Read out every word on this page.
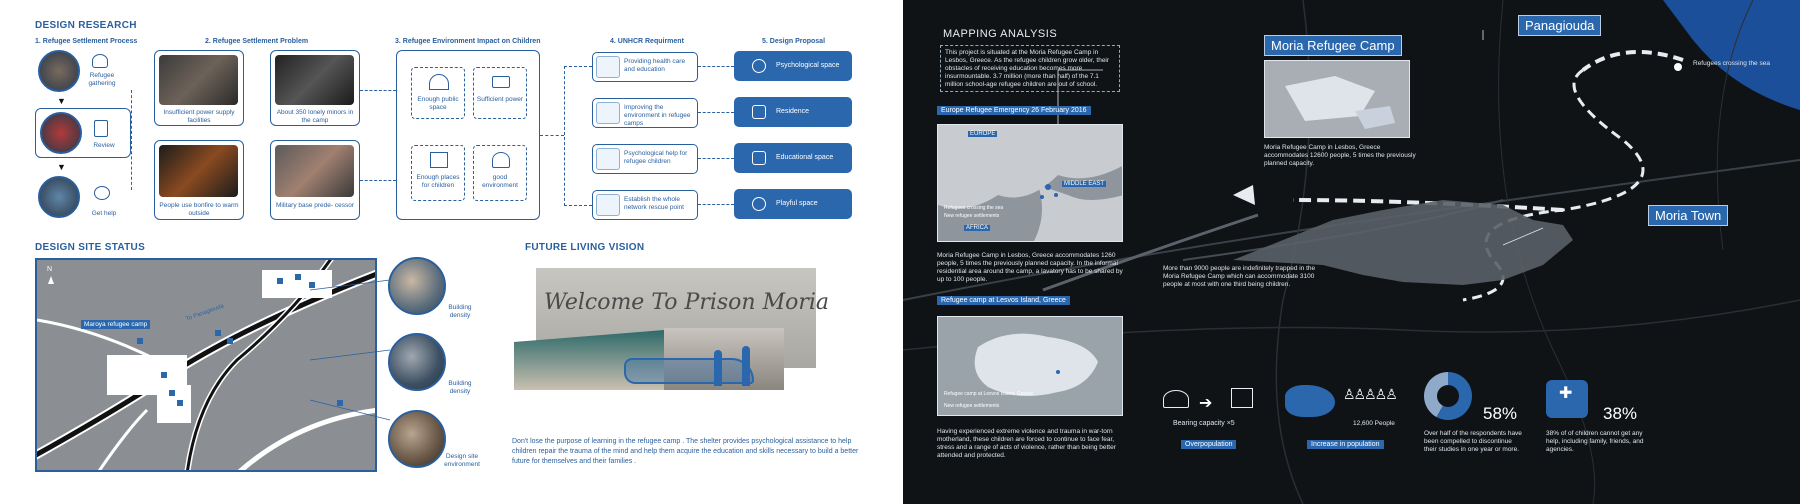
DESIGN RESEARCH
1. Refugee Settlement Process	2. Refugee Settlement Problem	3. Refugee Environment Impact on Children	4. UNHCR Requirment	5. Design Proposal
Refugee gathering
▼
Review
▼
Get help
Insufficient power supply facilities
About 350 lonely minors in the camp
People use bonfire to warm outside
Military base prede- cessor
Enough public space
Sufficient power
Enough places for children
good environment
Providing health care and education
Improving the environment in refugee camps
Psychological help for refugee children
Establish the whole network rescue point
Psychological space
Residence
Educational space
Playful space
DESIGN SITE STATUS
N
Maroya refugee camp
To Panagiouda	Building density
Building density
Design site environment
FUTURE LIVING VISION
Welcome To Prison Moria
Don't lose the purpose of learning in the refugee camp . The shelter provides psychological assistance to help children repair the trauma of the mind and help them acquire the education and skills necessary to build a better future for themselves and their families .
MAPPING ANALYSIS
This project is situated at the Moria Refugee Camp in Lesbos, Greece. As the refugee children grow older, their obstacles of receiving education becomes more insurmountable. 3.7 million (more than half) of the 7.1 million school-age refugee children are out of school.
Europe Refugee Emergency 26 February 2016
EUROPE
MIDDLE EAST
AFRICA
Refugees crossing the sea
New refugee settlements
Moria Refugee Camp in Lesbos, Greece accommodates 1260 people, 5 times the previously planned capacity. In the informal residential area around the camp, a lavatory has to be shared by up to 100 people.
Refugee camp at Lesvos Island, Greece
Refugee camp at Lesvos Island, Greece
New refugee settlements
Having experienced extreme violence and trauma in war-torn motherland, these children are forced to continue to face fear, stress and a range of acts of violence, rather than being better attended and protected.
Moria Refugee Camp
Moria Refugee Camp in Lesbos, Greece accommodates 12600 people, 5 times the previously planned capacity.
More than 9000 people are indefinitely trapped in the Moria Refugee Camp which can accommodate 3100 people at most with one third being children.
Panagiouda
Refugees crossing the sea
Moria Town
➔
Bearing capacity ×5
Overpopulation
♙♙♙♙♙
12,600 People
Increase in population
58%
Over half of the respondents have been compelled to discontinue their studies in one year or more.
✚
38%
38% of of children cannot get any help, including family, friends, and agencies.
